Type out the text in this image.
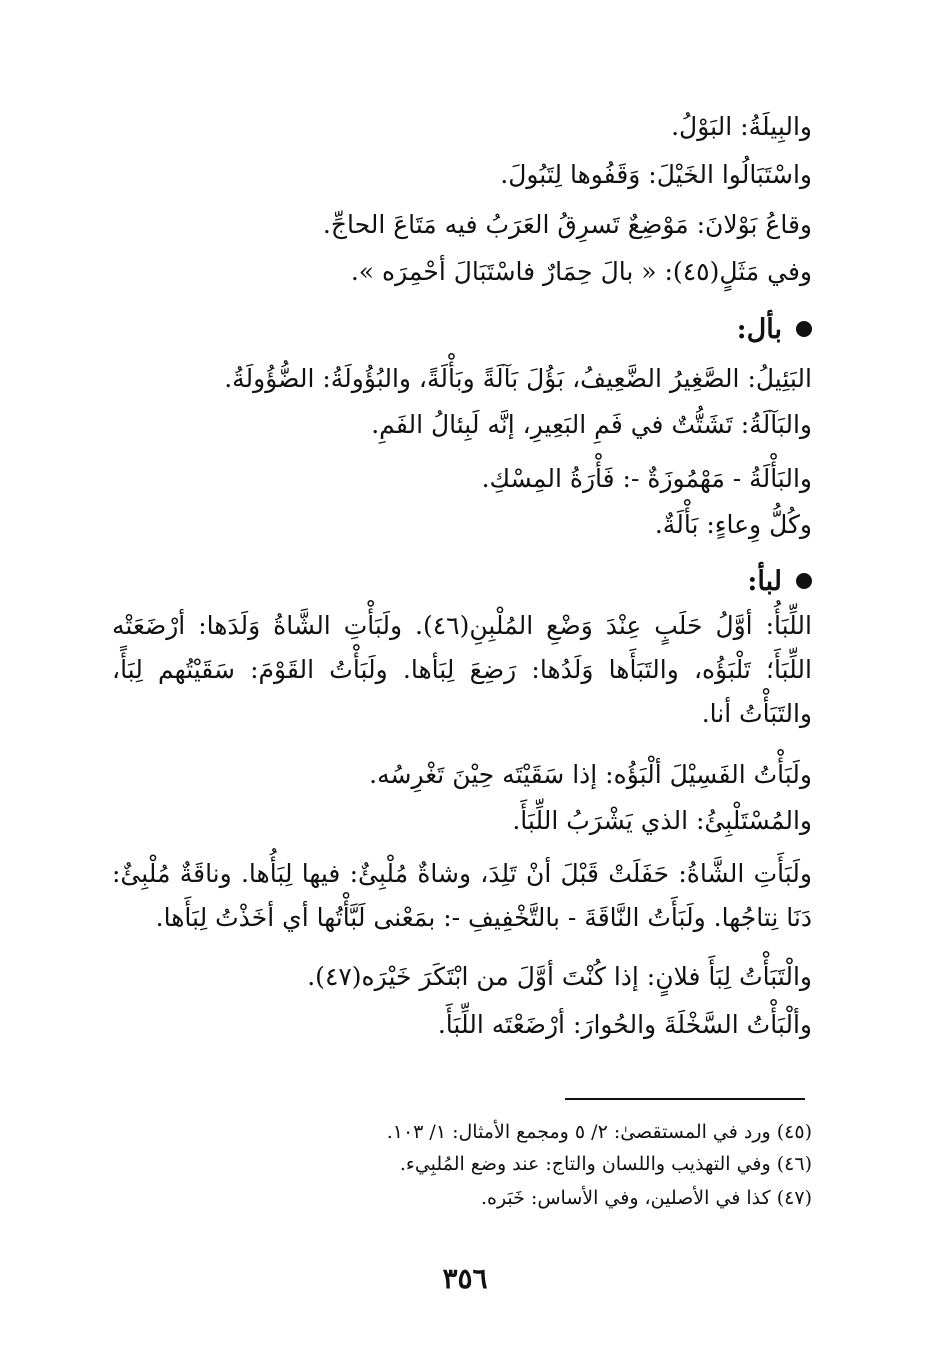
والبِيلَةُ: البَوْلُ.
واسْتَبَالُوا الخَيْلَ: وَقَفُوها لِتَبُولَ.
وقاعُ بَوْلانَ: مَوْضِعٌ تَسرِقُ العَرَبُ فيه مَتَاعَ الحاجِّ.
وفي مَثَلٍ(٤٥): « بالَ حِمَارٌ فاسْتَبَالَ أحْمِرَه ».
بأل:
البَئِيلُ: الصَّغِيرُ الضَّعِيفُ، بَؤُلَ بَآلَةً وبَأْلَةً، والبُؤُولَةُ: الضُّؤُولَةُ.
والبَآلَةُ: تَشَتُّتٌ في فَمِ البَعِيرِ، إنَّه لَبِئالُ الفَمِ.
والبَأْلَةُ - مَهْمُوزَةٌ -: فَأْرَةُ المِسْكِ.
وكُلُّ وِعاءٍ: بَأْلَةٌ.
لبأ:
اللِّبَأُ: أوَّلُ حَلَبٍ عِنْدَ وَضْعِ المُلْبِنِ(٤٦). ولَبَأْتِ الشَّاةُ وَلَدَها: أرْضَعَتْه اللِّبَأَ؛ تَلْبَؤُه، والتَبَأَها وَلَدُها: رَضِعَ لِبَأها. ولَبَأْتُ القَوْمَ: سَقَيْتُهم لِبَأً، والتَبَأْتُ أنا.
ولَبَأْتُ الفَسِيْلَ ألْبَؤُه: إذا سَقَيْتَه حِيْنَ تَغْرِسُه.
والمُسْتَلْبِئُ: الذي يَشْرَبُ اللِّبَأَ.
ولَبَأَتِ الشَّاةُ: حَفَلَتْ قَبْلَ أنْ تَلِدَ، وشاةٌ مُلْبِئٌ: فيها لِبَأُها. وناقَةٌ مُلْبِئٌ: دَنَا نِتاجُها. ولَبَأَتُ النَّاقَةَ - بالتَّخْفِيفِ -: بمَعْنى لَبَّأْتُها أي أخَذْتُ لِبَأَها.
والْتَبَأْتُ لِبَأَ فلانٍ: إذا كُنْتَ أوَّلَ من ابْتَكَرَ خَيْرَه(٤٧).
وألْبَأْتُ السَّخْلَةَ والحُوارَ: أرْضَعْتَه اللِّبَأَ.
(٤٥) ورد في المستقصىٰ: ٢/ ٥ ومجمع الأمثال: ١/ ١٠٣.
(٤٦) وفي التهذيب واللسان والتاج: عند وضع المُلبِيء.
(٤٧) كذا في الأصلين، وفي الأساس: خَبَره.
٣٥٦
